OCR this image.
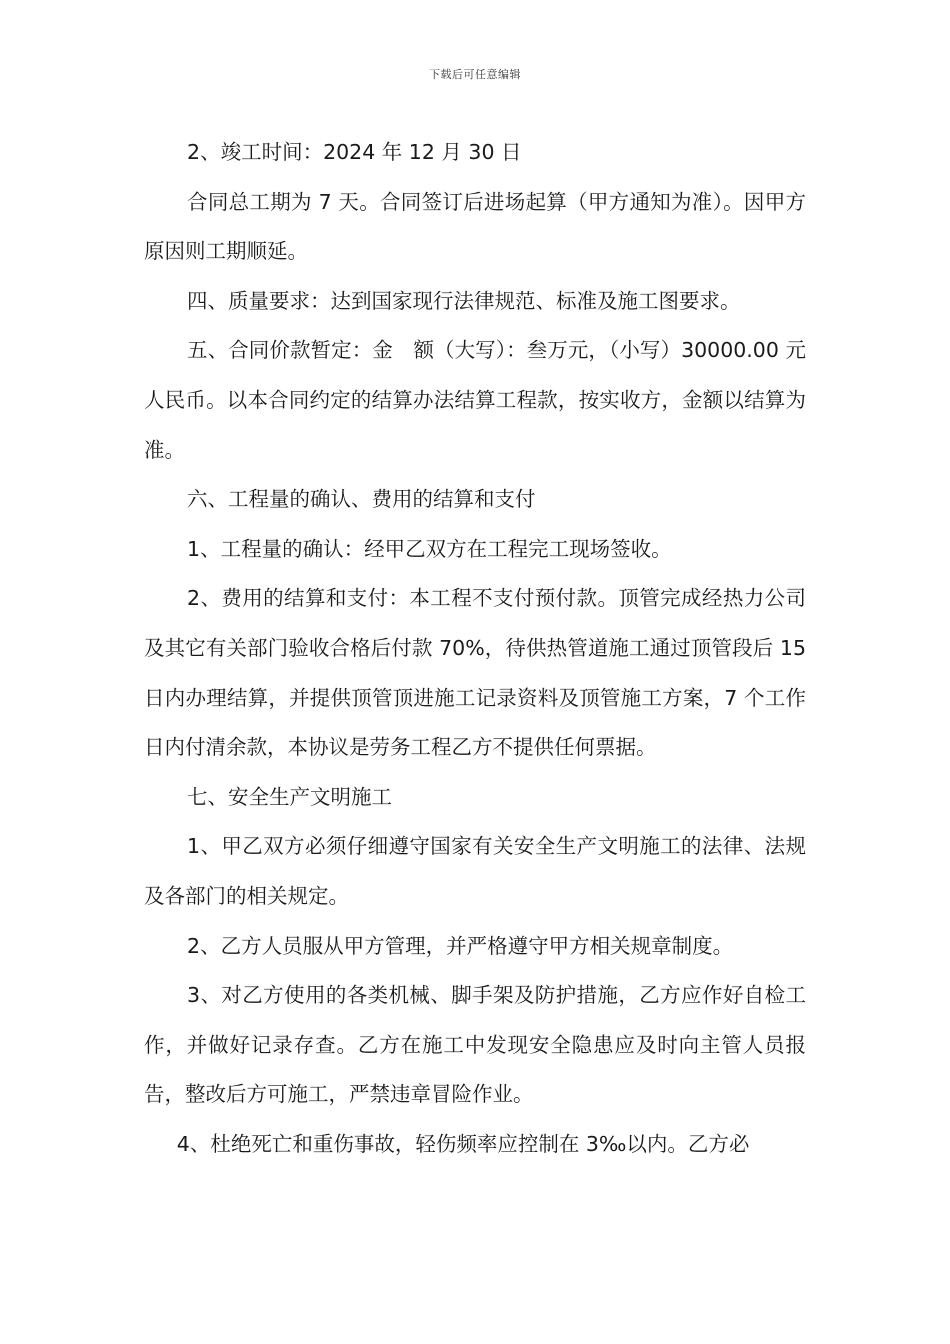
下载后可任意编辑

2、竣工时间：2024 年 12 月 30 日

合同总工期为 7 天。合同签订后进场起算（甲方通知为准）。因甲方原因则工期顺延。

四、质量要求：达到国家现行法律规范、标准及施工图要求。

五、合同价款暂定：金　额（大写）：叁万元，（小写）30000.00 元人民币。以本合同约定的结算办法结算工程款，按实收方，金额以结算为准。

六、工程量的确认、费用的结算和支付

1、工程量的确认：经甲乙双方在工程完工现场签收。

2、费用的结算和支付：本工程不支付预付款。顶管完成经热力公司及其它有关部门验收合格后付款 70%，待供热管道施工通过顶管段后 15 日内办理结算，并提供顶管顶进施工记录资料及顶管施工方案，7 个工作日内付清余款，本协议是劳务工程乙方不提供任何票据。

七、安全生产文明施工

1、甲乙双方必须仔细遵守国家有关安全生产文明施工的法律、法规及各部门的相关规定。

2、乙方人员服从甲方管理，并严格遵守甲方相关规章制度。

3、对乙方使用的各类机械、脚手架及防护措施，乙方应作好自检工作，并做好记录存查。乙方在施工中发现安全隐患应及时向主管人员报告，整改后方可施工，严禁违章冒险作业。

4、杜绝死亡和重伤事故，轻伤频率应控制在 3‰以内。乙方必
